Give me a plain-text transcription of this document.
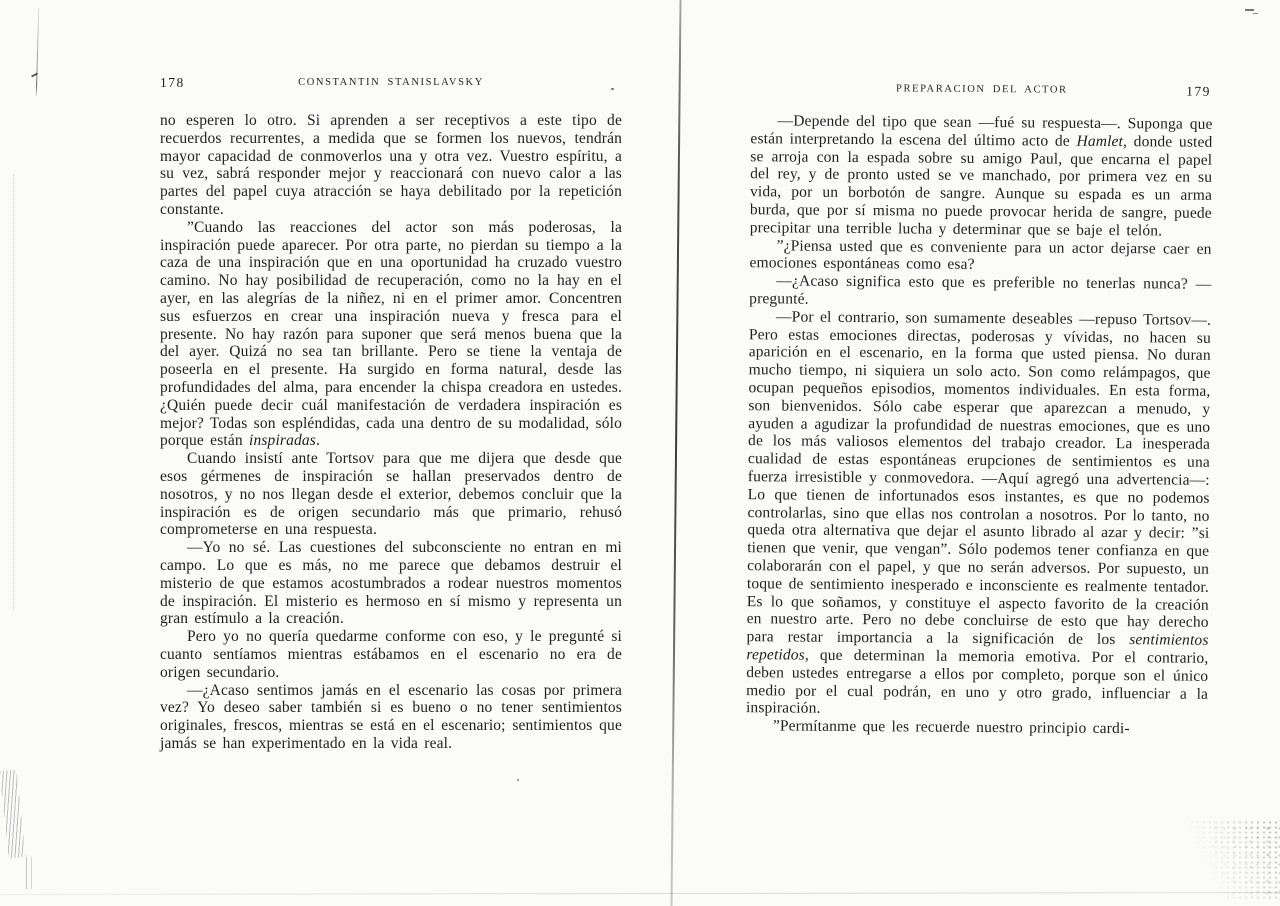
178	CONSTANTIN STANISLAVSKY

no esperen lo otro. Si aprenden a ser receptivos a este tipo de recuerdos recurrentes, a medida que se formen los nuevos, tendrán mayor capacidad de conmoverlos una y otra vez. Vuestro espíritu, a su vez, sabrá responder mejor y reaccionará con nuevo calor a las partes del papel cuya atracción se haya debilitado por la repetición constante.

”Cuando las reacciones del actor son más poderosas, la inspiración puede aparecer. Por otra parte, no pierdan su tiempo a la caza de una inspiración que en una oportunidad ha cruzado vuestro camino. No hay posibilidad de recuperación, como no la hay en el ayer, en las alegrías de la niñez, ni en el primer amor. Concentren sus esfuerzos en crear una inspiración nueva y fresca para el presente. No hay razón para suponer que será menos buena que la del ayer. Quizá no sea tan brillante. Pero se tiene la ventaja de poseerla en el presente. Ha surgido en forma natural, desde las profundidades del alma, para encender la chispa creadora en ustedes. ¿Quién puede decir cuál manifestación de verdadera inspiración es mejor? Todas son espléndidas, cada una dentro de su modalidad, sólo porque están inspiradas.

Cuando insistí ante Tortsov para que me dijera que desde que esos gérmenes de inspiración se hallan preservados dentro de nosotros, y no nos llegan desde el exterior, debemos concluir que la inspiración es de origen secundario más que primario, rehusó comprometerse en una respuesta.

—Yo no sé. Las cuestiones del subconsciente no entran en mi campo. Lo que es más, no me parece que debamos destruir el misterio de que estamos acostumbrados a rodear nuestros momentos de inspiración. El misterio es hermoso en sí mismo y representa un gran estímulo a la creación.

Pero yo no quería quedarme conforme con eso, y le pregunté si cuanto sentíamos mientras estábamos en el escenario no era de origen secundario.

—¿Acaso sentimos jamás en el escenario las cosas por primera vez? Yo deseo saber también si es bueno o no tener sentimientos originales, frescos, mientras se está en el escenario; sentimientos que jamás se han experimentado en la vida real.

PREPARACION DEL ACTOR	179

—Depende del tipo que sean —fué su respuesta—. Suponga que están interpretando la escena del último acto de Hamlet, donde usted se arroja con la espada sobre su amigo Paul, que encarna el papel del rey, y de pronto usted se ve manchado, por primera vez en su vida, por un borbotón de sangre. Aunque su espada es un arma burda, que por sí misma no puede provocar herida de sangre, puede precipitar una terrible lucha y determinar que se baje el telón.

”¿Piensa usted que es conveniente para un actor dejarse caer en emociones espontáneas como esa?

—¿Acaso significa esto que es preferible no tenerlas nunca? —pregunté.

—Por el contrario, son sumamente deseables —repuso Tortsov—. Pero estas emociones directas, poderosas y vívidas, no hacen su aparición en el escenario, en la forma que usted piensa. No duran mucho tiempo, ni siquiera un solo acto. Son como relámpagos, que ocupan pequeños episodios, momentos individuales. En esta forma, son bienvenidos. Sólo cabe esperar que aparezcan a menudo, y ayuden a agudizar la profundidad de nuestras emociones, que es uno de los más valiosos elementos del trabajo creador. La inesperada cualidad de estas espontáneas erupciones de sentimientos es una fuerza irresistible y conmovedora. —Aquí agregó una advertencia—: Lo que tienen de infortunados esos instantes, es que no podemos controlarlas, sino que ellas nos controlan a nosotros. Por lo tanto, no queda otra alternativa que dejar el asunto librado al azar y decir: ”si tienen que venir, que vengan”. Sólo podemos tener confianza en que colaborarán con el papel, y que no serán adversos. Por supuesto, un toque de sentimiento inesperado e inconsciente es realmente tentador. Es lo que soñamos, y constituye el aspecto favorito de la creación en nuestro arte. Pero no debe concluirse de esto que hay derecho para restar importancia a la significación de los sentimientos repetidos, que determinan la memoria emotiva. Por el contrario, deben ustedes entregarse a ellos por completo, porque son el único medio por el cual podrán, en uno y otro grado, influenciar a la inspiración.

”Permítanme que les recuerde nuestro principio cardi-
